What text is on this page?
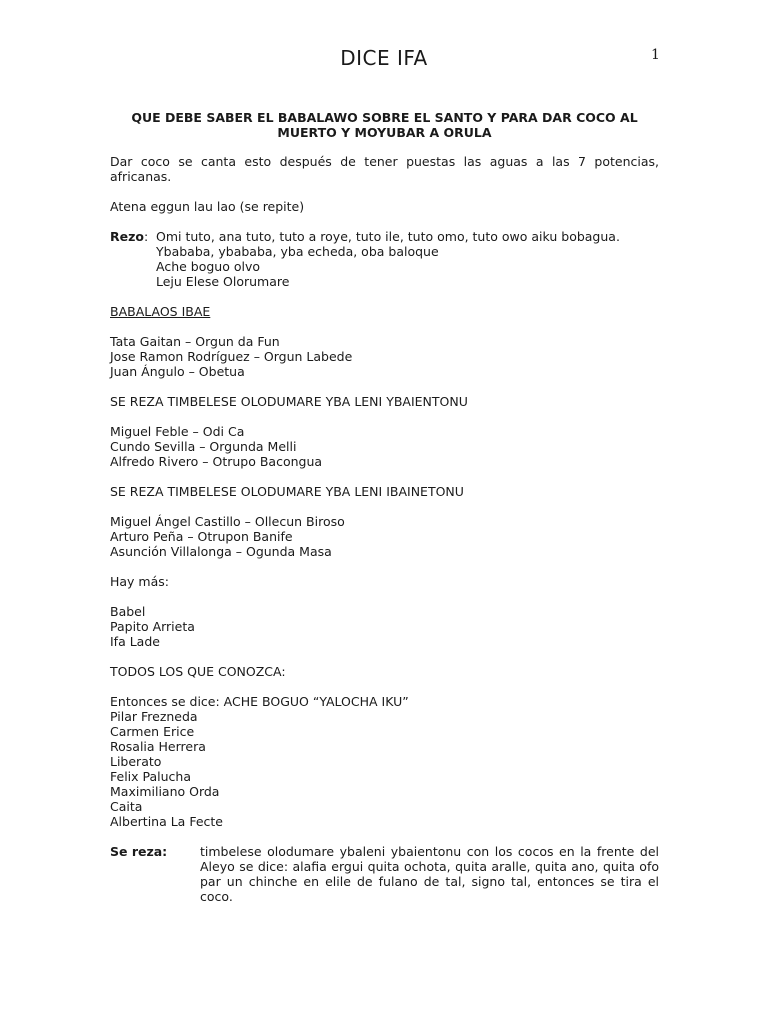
DICE IFA	1
QUE DEBE SABER EL BABALAWO SOBRE EL SANTO Y PARA DAR COCO AL
MUERTO Y MOYUBAR A ORULA

Dar coco se canta esto después de tener puestas las aguas a las 7 potencias, africanas.

Atena eggun lau lao (se repite)

Rezo: Omi tuto, ana tuto, tuto a roye, tuto ile, tuto omo, tuto owo aiku bobagua.
Ybababa, ybababa, yba echeda, oba baloque
Ache boguo olvo
Leju Elese Olorumare

BABALAOS IBAE

Tata Gaitan – Orgun da Fun
Jose Ramon Rodríguez – Orgun Labede
Juan Ángulo – Obetua

SE REZA TIMBELESE OLODUMARE YBA LENI YBAIENTONU

Miguel Feble – Odi Ca
Cundo Sevilla – Orgunda Melli
Alfredo Rivero – Otrupo Bacongua

SE REZA TIMBELESE OLODUMARE YBA LENI IBAINETONU

Miguel Ángel Castillo – Ollecun Biroso
Arturo Peña – Otrupon Banife
Asunción Villalonga – Ogunda Masa

Hay más:

Babel
Papito Arrieta
Ifa Lade

TODOS LOS QUE CONOZCA:

Entonces se dice: ACHE BOGUO “YALOCHA IKU”
Pilar Frezneda
Carmen Erice
Rosalia Herrera
Liberato
Felix Palucha
Maximiliano Orda
Caita
Albertina La Fecte
Se reza:	timbelese olodumare ybaleni ybaientonu con los cocos en la frente del Aleyo se dice: alafia ergui quita ochota, quita aralle, quita ano, quita ofo par un chinche en elile de fulano de tal, signo tal, entonces se tira el coco.
